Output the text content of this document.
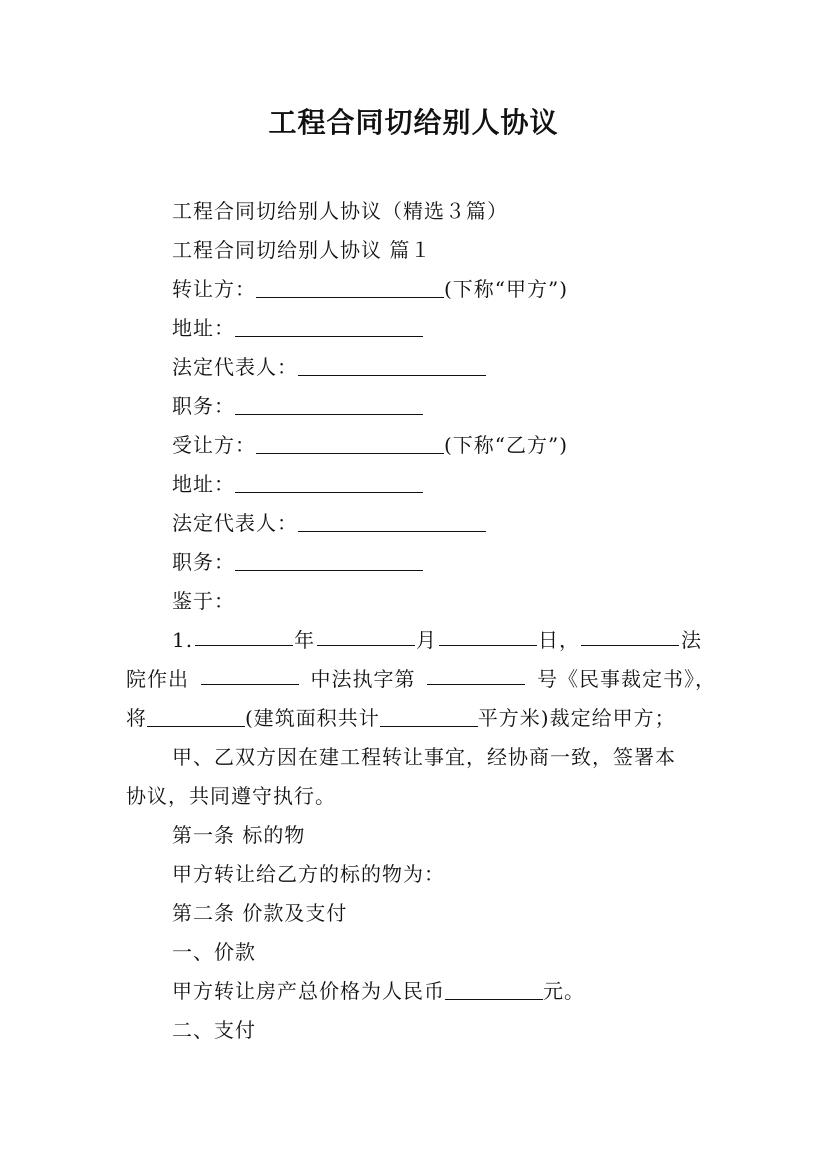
工程合同切给别人协议
工程合同切给别人协议（精选３篇）
工程合同切给别人协议 篇１
转让方：	(下称“甲方”)
地址：
法定代表人：
职务：
受让方：	(下称“乙方”)
地址：
法定代表人：
职务：
鉴于：
1.	年	月	日，	法
院作出	中法执字第	号《民事裁定书》，
将	(建筑面积共计	平方米)裁定给甲方；
甲、乙双方因在建工程转让事宜，经协商一致，签署本
协议，共同遵守执行。
第一条 标的物
甲方转让给乙方的标的物为：
第二条 价款及支付
一、价款
甲方转让房产总价格为人民币	元。
二、支付
